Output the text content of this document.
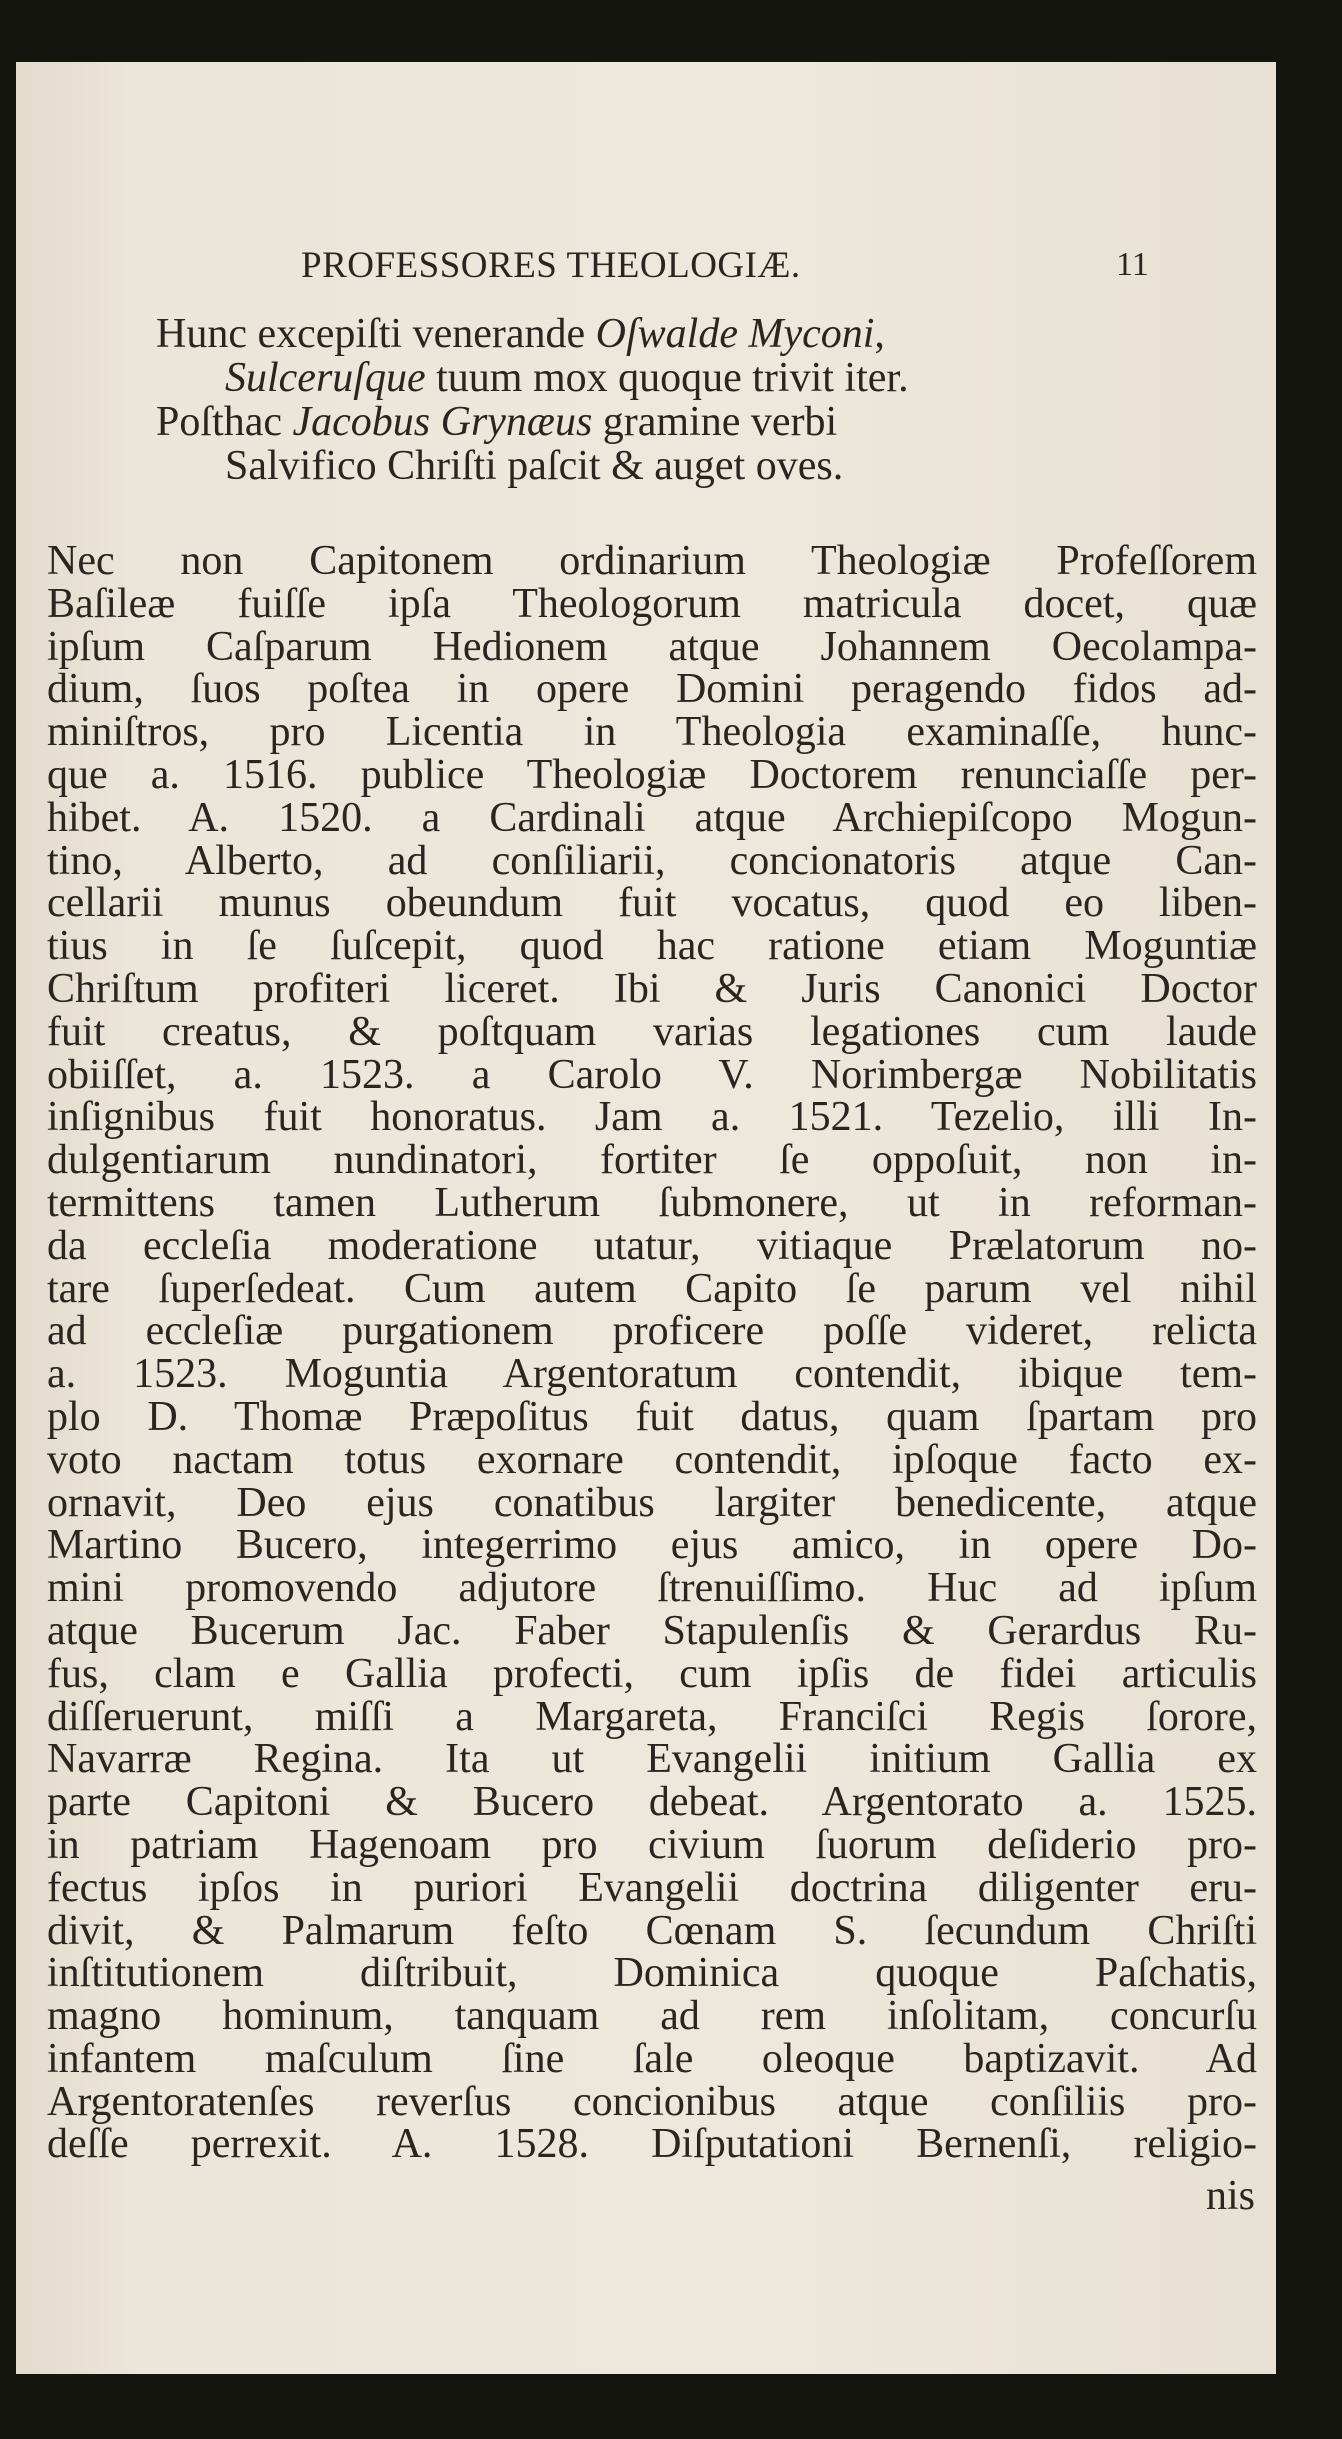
PROFESSORES THEOLOGIÆ.	11
Hunc excepiſti venerande Oſwalde Myconi,
Sulceruſque tuum mox quoque trivit iter.
Poſthac Jacobus Grynæus gramine verbi
Salvifico Chriſti paſcit & auget oves.
Nec non Capitonem ordinarium Theologiæ Profeſſorem
Baſileæ fuiſſe ipſa Theologorum matricula docet, quæ
ipſum Caſparum Hedionem atque Johannem Oecolampa-
dium, ſuos poſtea in opere Domini peragendo fidos ad-
miniſtros, pro Licentia in Theologia examinaſſe, hunc-
que a. 1516. publice Theologiæ Doctorem renunciaſſe per-
hibet. A. 1520. a Cardinali atque Archiepiſcopo Mogun-
tino, Alberto, ad conſiliarii, concionatoris atque Can-
cellarii munus obeundum fuit vocatus, quod eo liben-
tius in ſe ſuſcepit, quod hac ratione etiam Moguntiæ
Chriſtum profiteri liceret. Ibi & Juris Canonici Doctor
fuit creatus, & poſtquam varias legationes cum laude
obiiſſet, a. 1523. a Carolo V. Norimbergæ Nobilitatis
inſignibus fuit honoratus. Jam a. 1521. Tezelio, illi In-
dulgentiarum nundinatori, fortiter ſe oppoſuit, non in-
termittens tamen Lutherum ſubmonere, ut in reforman-
da eccleſia moderatione utatur, vitiaque Prælatorum no-
tare ſuperſedeat. Cum autem Capito ſe parum vel nihil
ad eccleſiæ purgationem proficere poſſe videret, relicta
a. 1523. Moguntia Argentoratum contendit, ibique tem-
plo D. Thomæ Præpoſitus fuit datus, quam ſpartam pro
voto nactam totus exornare contendit, ipſoque facto ex-
ornavit, Deo ejus conatibus largiter benedicente, atque
Martino Bucero, integerrimo ejus amico, in opere Do-
mini promovendo adjutore ſtrenuiſſimo. Huc ad ipſum
atque Bucerum Jac. Faber Stapulenſis & Gerardus Ru-
fus, clam e Gallia profecti, cum ipſis de fidei articulis
diſſeruerunt, miſſi a Margareta, Franciſci Regis ſorore,
Navarræ Regina. Ita ut Evangelii initium Gallia ex
parte Capitoni & Bucero debeat. Argentorato a. 1525.
in patriam Hagenoam pro civium ſuorum deſiderio pro-
fectus ipſos in puriori Evangelii doctrina diligenter eru-
divit, & Palmarum feſto Cœnam S. ſecundum Chriſti
inſtitutionem diſtribuit, Dominica quoque Paſchatis,
magno hominum, tanquam ad rem inſolitam, concurſu
infantem maſculum ſine ſale oleoque baptizavit. Ad
Argentoratenſes reverſus concionibus atque conſiliis pro-
deſſe perrexit. A. 1528. Diſputationi Bernenſi, religio-
nis
